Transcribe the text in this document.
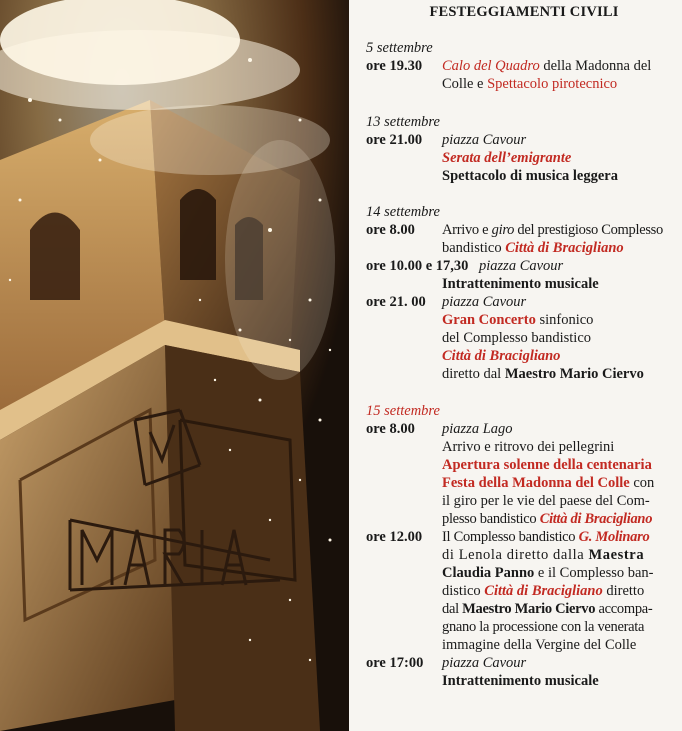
FESTEGGIAMENTI CIVILI
5 settembre
ore 19.30 Calo del Quadro della Madonna del
Colle e Spettacolo pirotecnico
13 settembre
ore 21.00 piazza Cavour
Serata dell’emigrante
Spettacolo di musica leggera
14 settembre
ore 8.00 Arrivo e giro del prestigioso Complesso
bandistico Città di Bracigliano
ore 10.00 e 17,30 piazza Cavour
Intrattenimento musicale
ore 21. 00 piazza Cavour
Gran Concerto sinfonico
del Complesso bandistico
Città di Bracigliano
diretto dal Maestro Mario Ciervo
15 settembre
ore 8.00 piazza Lago
Arrivo e ritrovo dei pellegrini
Apertura solenne della centenaria
Festa della Madonna del Colle con
il giro per le vie del paese del Com-
plesso bandistico Città di Bracigliano
ore 12.00 Il Complesso bandistico G. Molinaro
di Lenola diretto dalla Maestra
Claudia Panno e il Complesso ban-
distico Città di Bracigliano diretto
dal Maestro Mario Ciervo accompa-
gnano la processione con la venerata
immagine della Vergine del Colle
ore 17:00 piazza Cavour
Intrattenimento musicale
